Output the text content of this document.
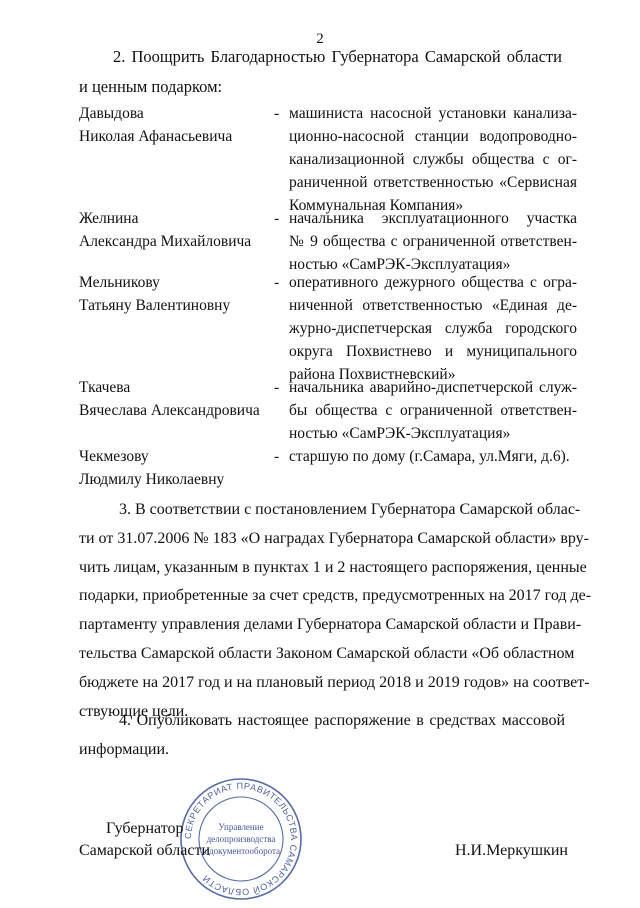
2
2. Поощрить Благодарностью Губернатора Самарской области
и ценным подарком:
Давыдова
Николая Афанасьевича
- машиниста насосной установки канализа-
ционно-насосной станции водопроводно-
канализационной службы общества с ог-
раниченной ответственностью «Сервисная
Коммунальная Компания»
Желнина
Александра Михайловича
- начальника эксплуатационного участка
№ 9 общества с ограниченной ответствен-
ностью «СамРЭК-Эксплуатация»
Мельникову
Татьяну Валентиновну
- оперативного дежурного общества с огра-
ниченной ответственностью «Единая де-
журно-диспетчерская служба городского
округа Похвистнево и муниципального
района Похвистневский»
Ткачева
Вячеслава Александровича
- начальника аварийно-диспетчерской служ-
бы общества с ограниченной ответствен-
ностью «СамРЭК-Эксплуатация»
Чекмезову
Людмилу Николаевну
- старшую по дому (г.Самара, ул.Мяги, д.6).
3. В соответствии с постановлением Губернатора Самарской облас-
ти от 31.07.2006 № 183 «О наградах Губернатора Самарской области» вру-
чить лицам, указанным в пунктах 1 и 2 настоящего распоряжения, ценные
подарки, приобретенные за счет средств, предусмотренных на 2017 год де-
партаменту управления делами Губернатора Самарской области и Прави-
тельства Самарской области Законом Самарской области «Об областном
бюджете на 2017 год и на плановый период 2018 и 2019 годов» на соответ-
ствующие цели.
4. Опубликовать настоящее распоряжение в средствах массовой
информации.
СЕКРЕТАРИАТ ПРАВИТЕЛЬСТВА САМАРСКОЙ ОБЛАСТИ
Управление
делопроизводства
и документооборота
Губернатор
Самарской области	Н.И.Меркушкин
